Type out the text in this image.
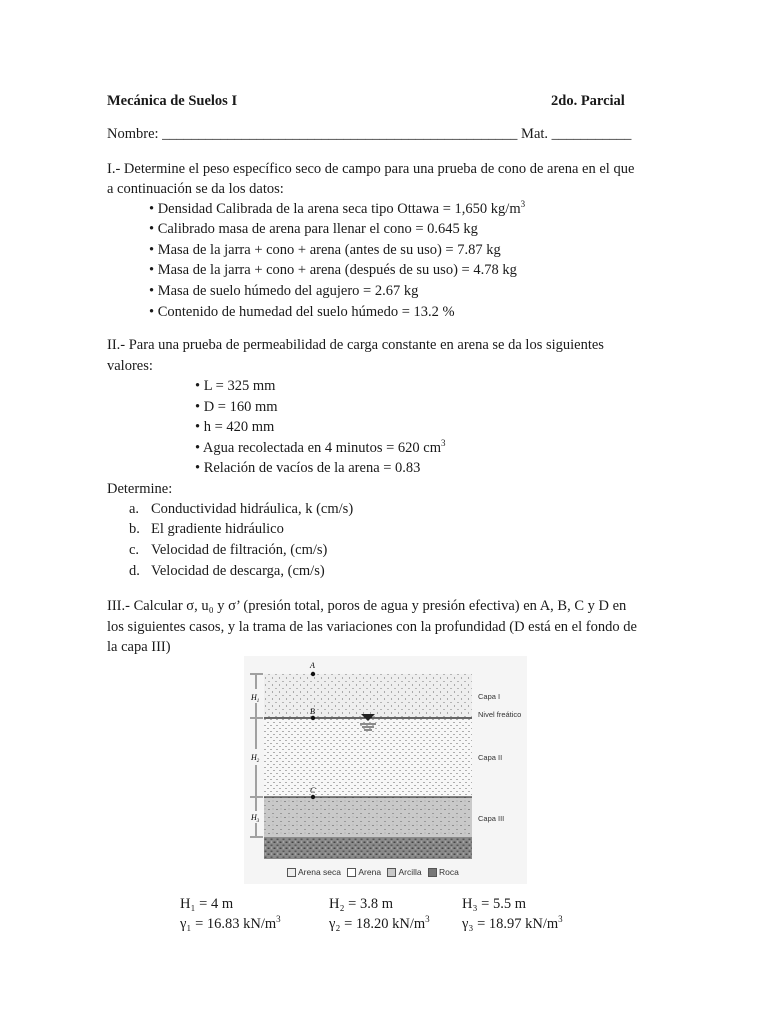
Mecánica de Suelos I	2do. Parcial
Nombre: _________________________________________________ Mat. ___________
I.- Determine el peso específico seco de campo para una prueba de cono de arena en el que
a continuación se da los datos:
• Densidad Calibrada de la arena seca tipo Ottawa = 1,650 $kg/m^3$
• Calibrado masa de arena para llenar el cono = 0.645 kg
• Masa de la jarra + cono + arena (antes de su uso) = 7.87 kg
• Masa de la jarra + cono + arena (después de su uso) = 4.78 kg
• Masa de suelo húmedo del agujero = 2.67 kg
• Contenido de humedad del suelo húmedo = 13.2 %
II.- Para una prueba de permeabilidad de carga constante en arena se da los siguientes
valores:
• L = 325 mm
• D = 160 mm
• h = 420 mm
• Agua recolectada en 4 minutos = 620 $cm^3$
• Relación de vacíos de la arena = 0.83
Determine:
a. Conductividad hidráulica, k (cm/s)
b. El gradiente hidráulico
c. Velocidad de filtración, (cm/s)
d. Velocidad de descarga, (cm/s)
III.- Calcular σ, u₀ y σ’ (presión total, poros de agua y presión efectiva) en A, B, C y D en
los siguientes casos, y la trama de las variaciones con la profundidad (D está en el fondo de
la capa III)
A
B
C
$H_1$
$H_2$
$H_3$
Capa I
Nivel freático
Capa II
Capa III
Arena seca Arena Arcilla Roca
H₁ = 4 m	H₂ = 3.8 m	H₃ = 5.5 m
γ₁ = 16.83 $kN/m^3$	γ₂ = 18.20 $kN/m^3$ γ₃ = 18.97 $kN/m^3$
